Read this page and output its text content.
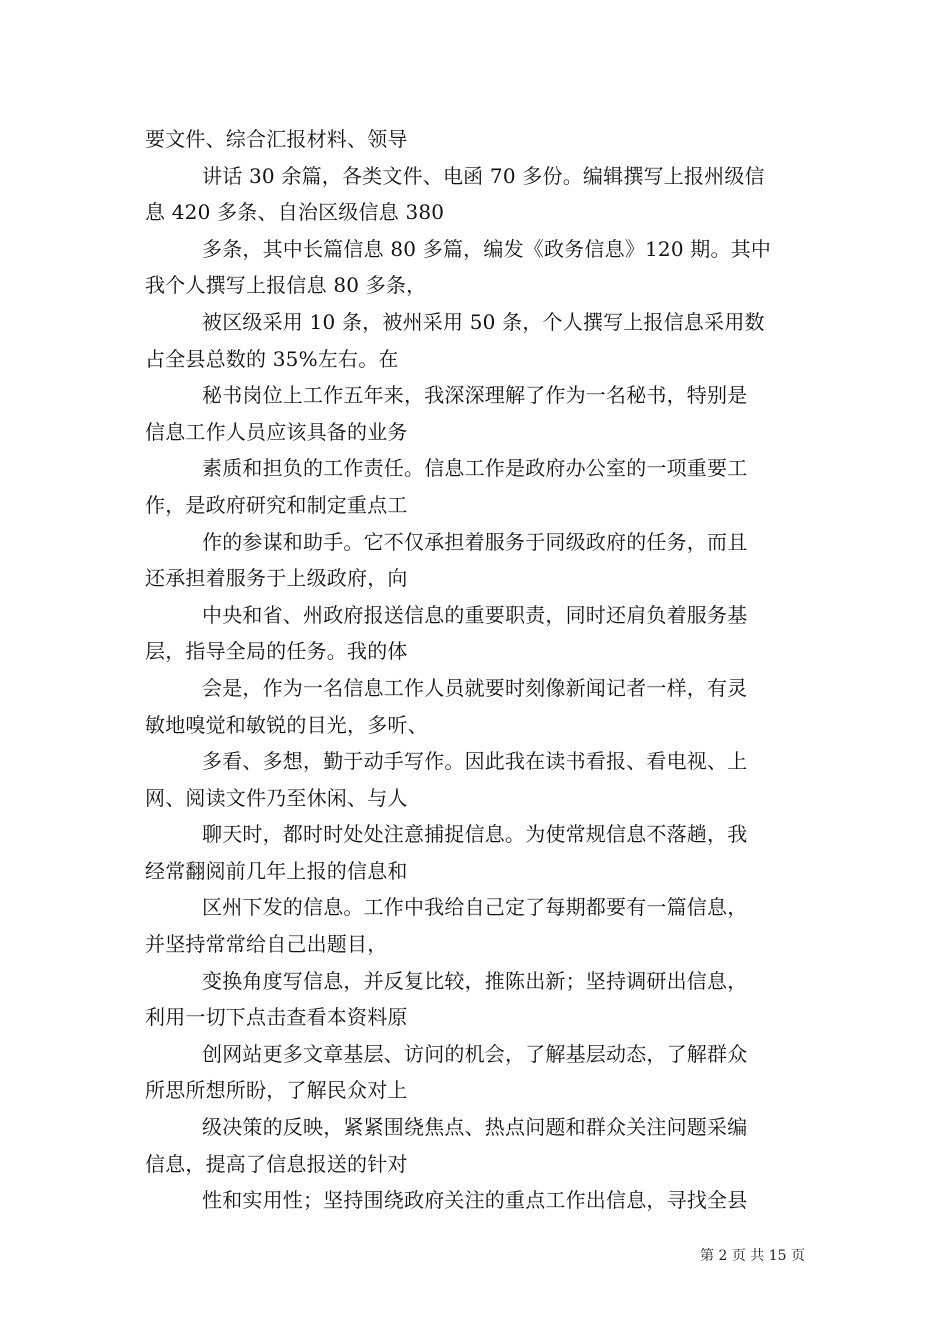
要文件、综合汇报材料、领导
讲话 30 余篇，各类文件、电函 70 多份。编辑撰写上报州级信
息 420 多条、自治区级信息 380
多条，其中长篇信息 80 多篇，编发《政务信息》120 期。其中
我个人撰写上报信息 80 多条，
被区级采用 10 条，被州采用 50 条，个人撰写上报信息采用数
占全县总数的 35%左右。在
秘书岗位上工作五年来，我深深理解了作为一名秘书，特别是
信息工作人员应该具备的业务
素质和担负的工作责任。信息工作是政府办公室的一项重要工
作，是政府研究和制定重点工
作的参谋和助手。它不仅承担着服务于同级政府的任务，而且
还承担着服务于上级政府，向
中央和省、州政府报送信息的重要职责，同时还肩负着服务基
层，指导全局的任务。我的体
会是，作为一名信息工作人员就要时刻像新闻记者一样，有灵
敏地嗅觉和敏锐的目光，多听、
多看、多想，勤于动手写作。因此我在读书看报、看电视、上
网、阅读文件乃至休闲、与人
聊天时，都时时处处注意捕捉信息。为使常规信息不落趟，我
经常翻阅前几年上报的信息和
区州下发的信息。工作中我给自己定了每期都要有一篇信息，
并坚持常常给自己出题目，
变换角度写信息，并反复比较，推陈出新；坚持调研出信息，
利用一切下点击查看本资料原
创网站更多文章基层、访问的机会，了解基层动态，了解群众
所思所想所盼，了解民众对上
级决策的反映，紧紧围绕焦点、热点问题和群众关注问题采编
信息，提高了信息报送的针对
性和实用性；坚持围绕政府关注的重点工作出信息，寻找全县
第 2 页 共 15 页
